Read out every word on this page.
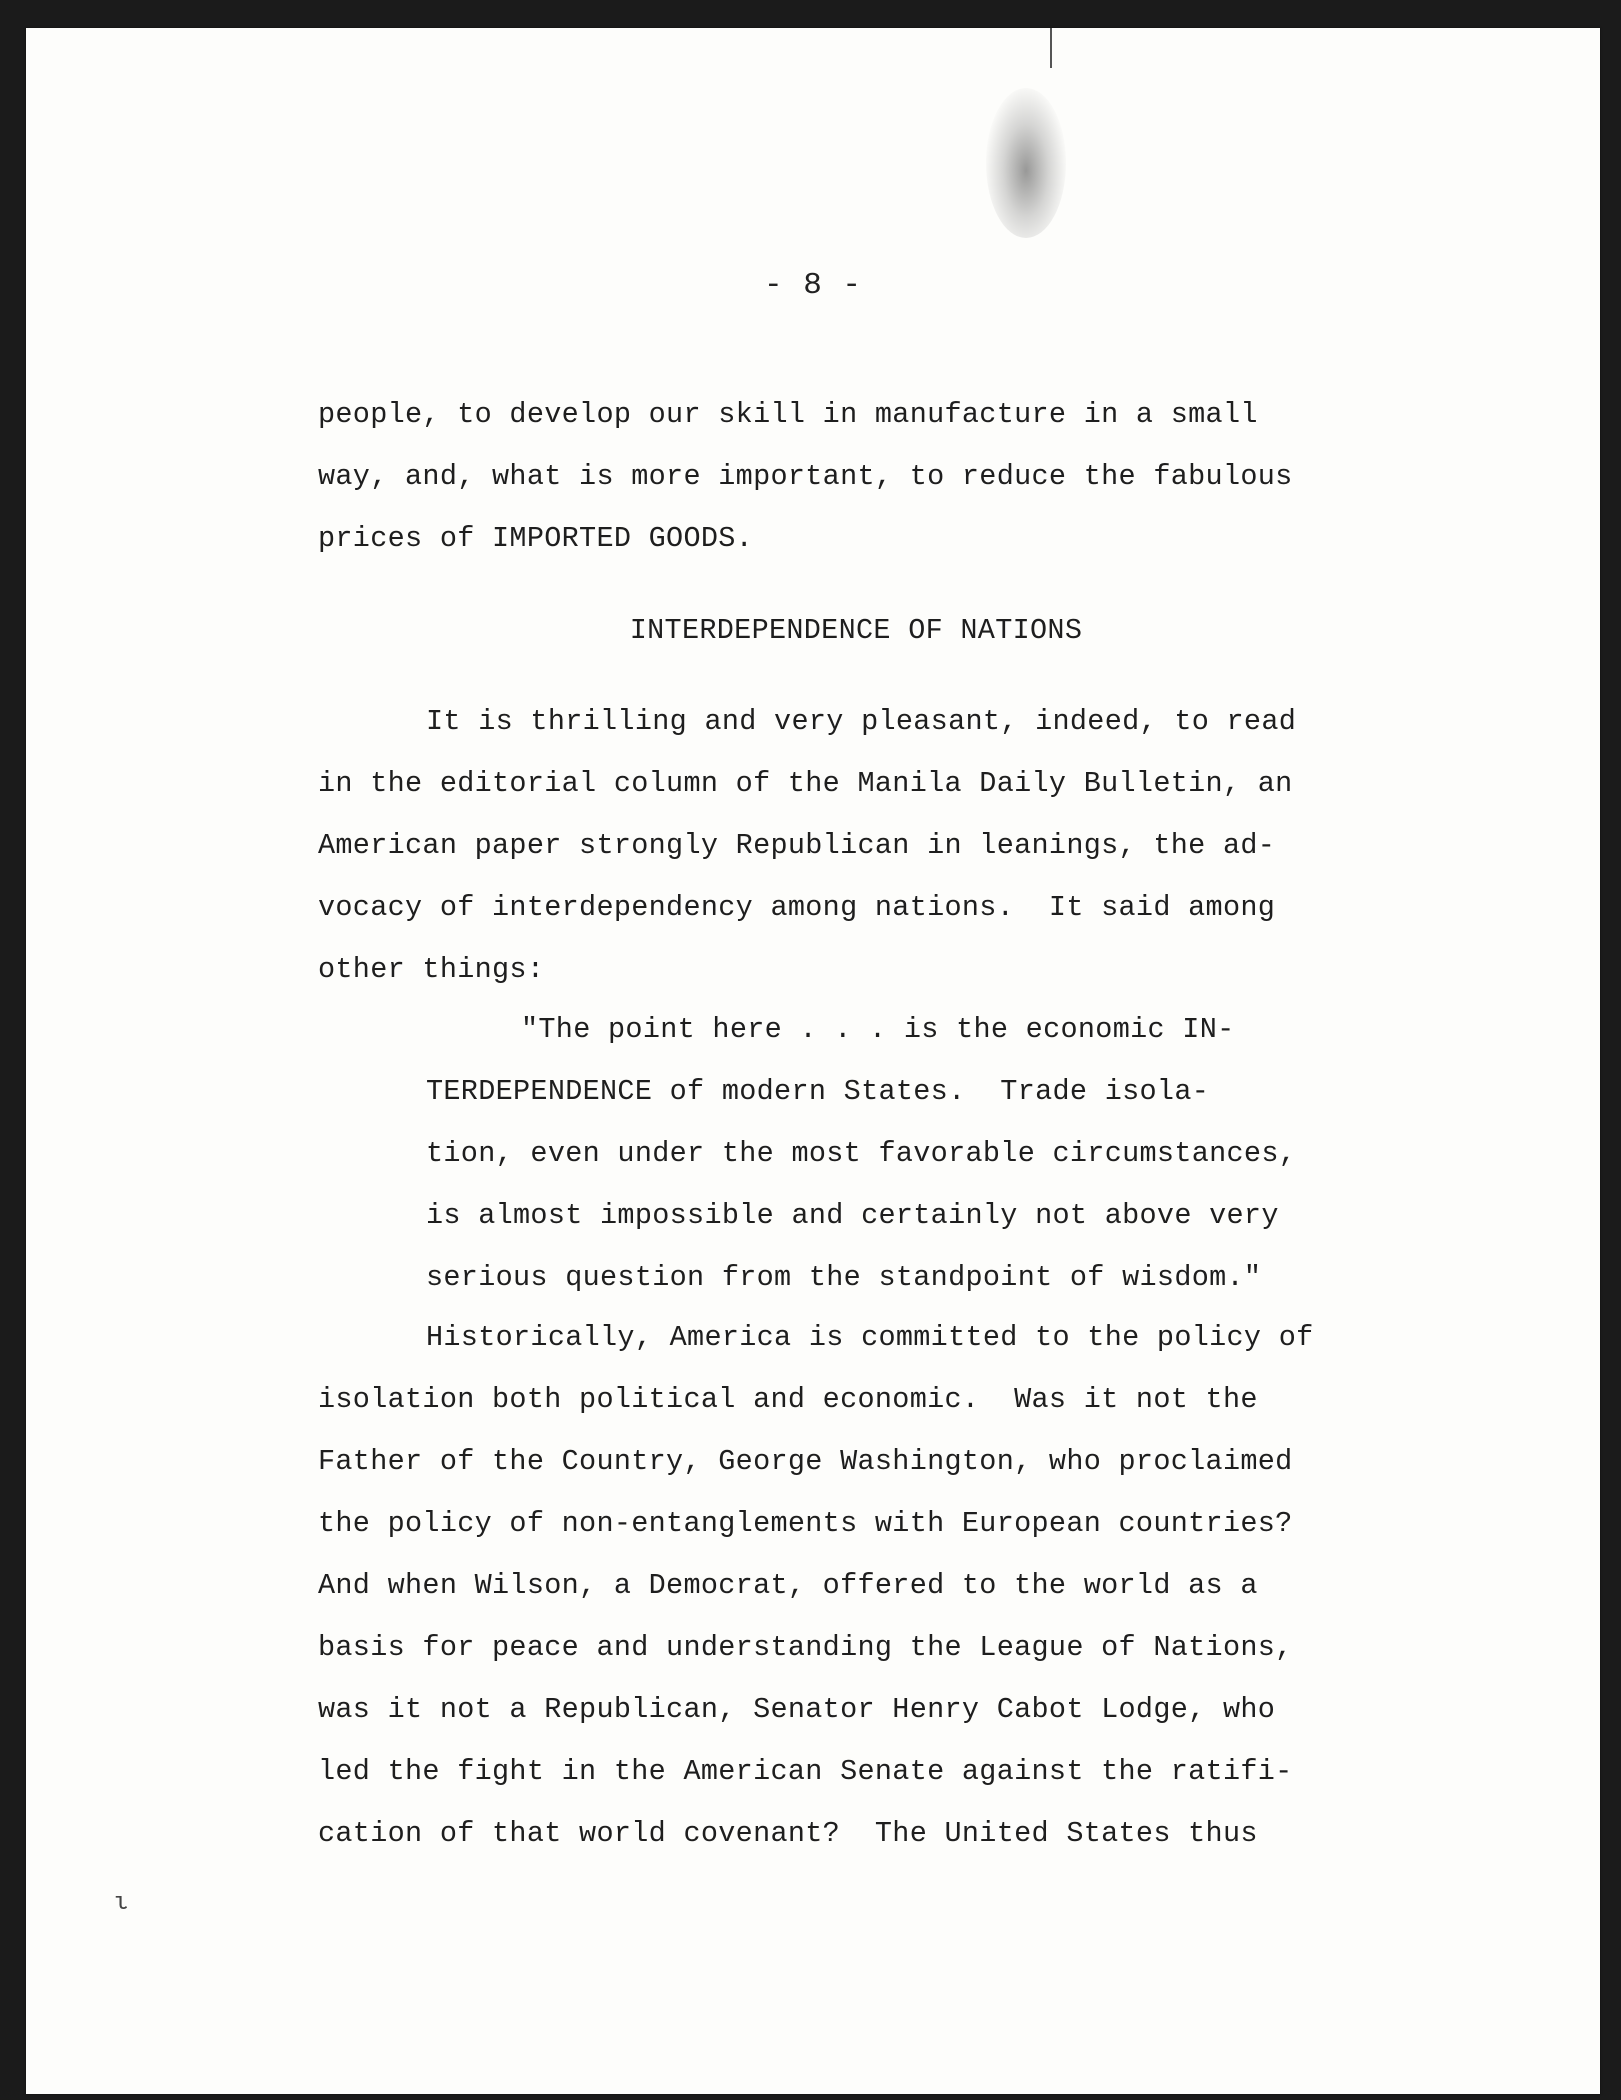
- 8 -
people, to develop our skill in manufacture in a small
way, and, what is more important, to reduce the fabulous
prices of IMPORTED GOODS.
INTERDEPENDENCE OF NATIONS
It is thrilling and very pleasant, indeed, to read
in the editorial column of the Manila Daily Bulletin, an
American paper strongly Republican in leanings, the ad-
vocacy of interdependency among nations.  It said among
other things:
"The point here . . . is the economic IN-
TERDEPENDENCE of modern States.  Trade isola-
tion, even under the most favorable circumstances,
is almost impossible and certainly not above very
serious question from the standpoint of wisdom."
Historically, America is committed to the policy of
isolation both political and economic.  Was it not the
Father of the Country, George Washington, who proclaimed
the policy of non-entanglements with European countries?
And when Wilson, a Democrat, offered to the world as a
basis for peace and understanding the League of Nations,
was it not a Republican, Senator Henry Cabot Lodge, who
led the fight in the American Senate against the ratifi-
cation of that world covenant?  The United States thus
ι
